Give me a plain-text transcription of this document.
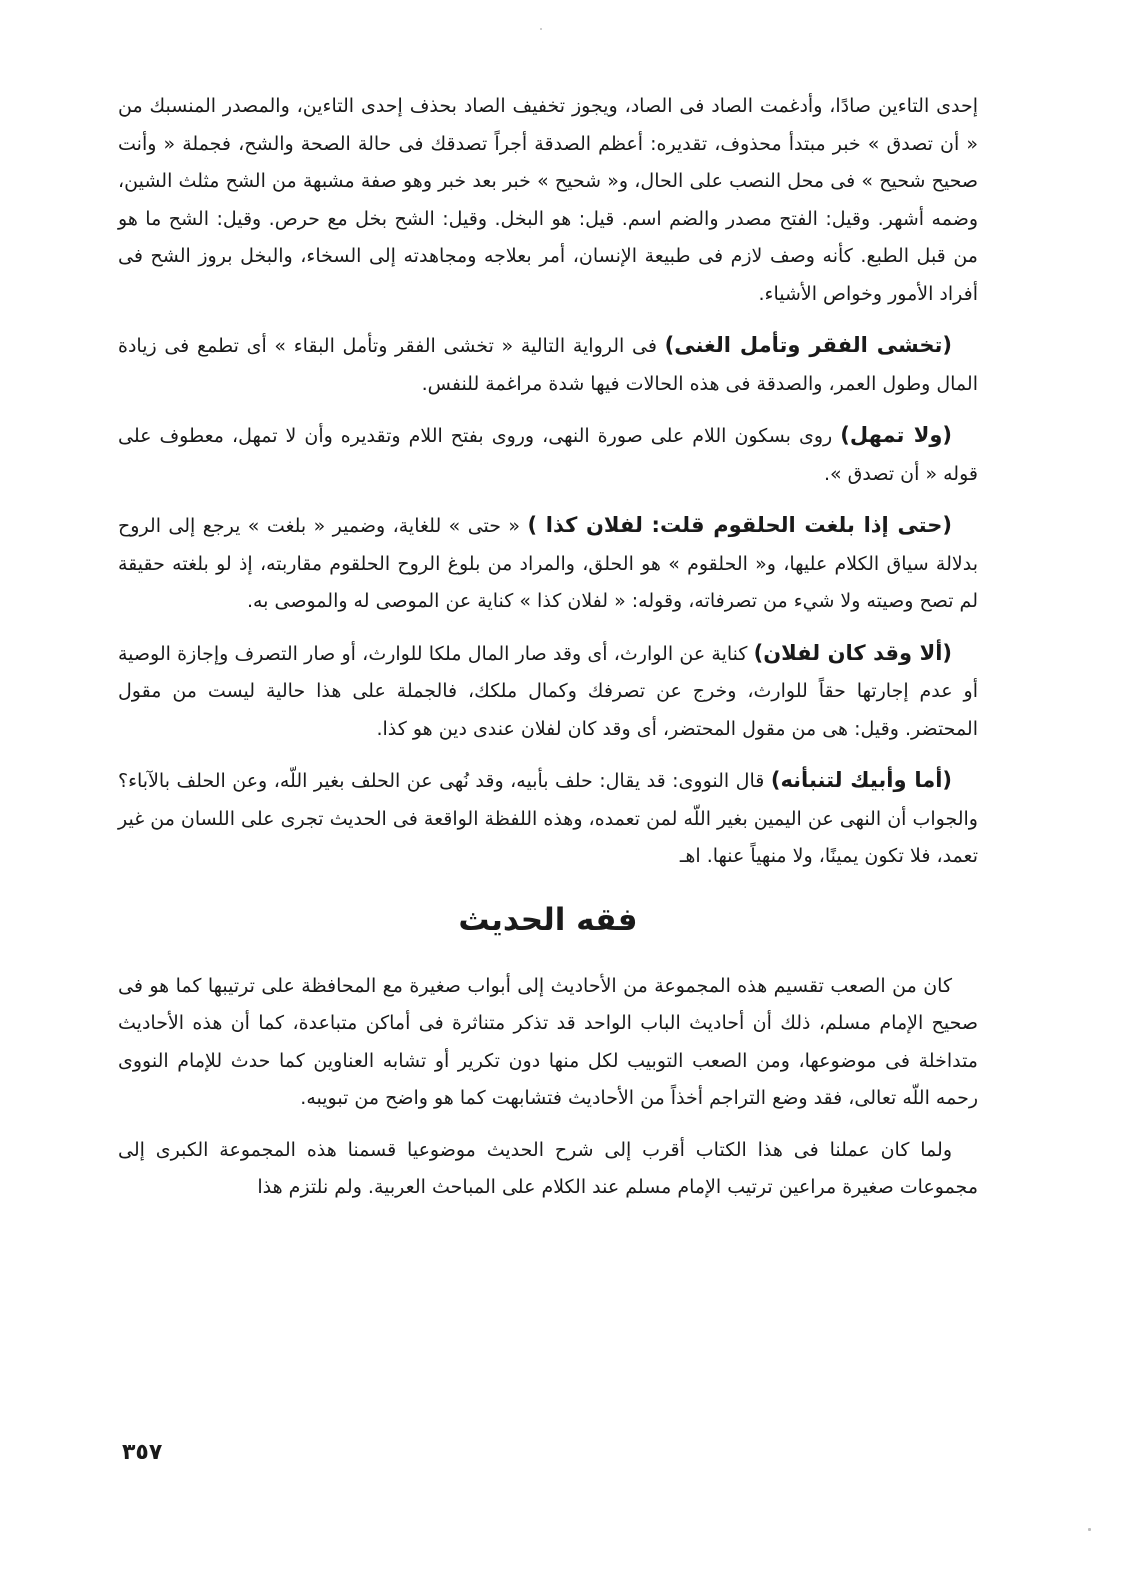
إحدى التاءين صادًا، وأدغمت الصاد فى الصاد، ويجوز تخفيف الصاد بحذف إحدى التاءين، والمصدر المنسبك من « أن تصدق » خبر مبتدأ محذوف، تقديره: أعظم الصدقة أجراً تصدقك فى حالة الصحة والشح، فجملة « وأنت صحيح شحيح » فى محل النصب على الحال، و« شحيح » خبر بعد خبر وهو صفة مشبهة من الشح مثلث الشين، وضمه أشهر. وقيل: الفتح مصدر والضم اسم. قيل: هو البخل. وقيل: الشح بخل مع حرص. وقيل: الشح ما هو من قبل الطبع. كأنه وصف لازم فى طبيعة الإنسان، أمر بعلاجه ومجاهدته إلى السخاء، والبخل بروز الشح فى أفراد الأمور وخواص الأشياء.

(تخشى الفقر وتأمل الغنى) فى الرواية التالية « تخشى الفقر وتأمل البقاء » أى تطمع فى زيادة المال وطول العمر، والصدقة فى هذه الحالات فيها شدة مراغمة للنفس.

(ولا تمهل) روى بسكون اللام على صورة النهى، وروى بفتح اللام وتقديره وأن لا تمهل، معطوف على قوله « أن تصدق ».

(حتى إذا بلغت الحلقوم قلت: لفلان كذا ) « حتى » للغاية، وضمير « بلغت » يرجع إلى الروح بدلالة سياق الكلام عليها، و« الحلقوم » هو الحلق، والمراد من بلوغ الروح الحلقوم مقاربته، إذ لو بلغته حقيقة لم تصح وصيته ولا شيء من تصرفاته، وقوله: « لفلان كذا » كناية عن الموصى له والموصى به.

(ألا وقد كان لفلان) كناية عن الوارث، أى وقد صار المال ملكا للوارث، أو صار التصرف وإجازة الوصية أو عدم إجارتها حقاً للوارث، وخرج عن تصرفك وكمال ملكك، فالجملة على هذا حالية ليست من مقول المحتضر. وقيل: هى من مقول المحتضر، أى وقد كان لفلان عندى دين هو كذا.

(أما وأبيك لتنبأنه) قال النووى: قد يقال: حلف بأبيه، وقد نُهى عن الحلف بغير اللّه، وعن الحلف بالآباء؟ والجواب أن النهى عن اليمين بغير اللّه لمن تعمده، وهذه اللفظة الواقعة فى الحديث تجرى على اللسان من غير تعمد، فلا تكون يمينًا، ولا منهياً عنها. اهـ

فقه الحديث

كان من الصعب تقسيم هذه المجموعة من الأحاديث إلى أبواب صغيرة مع المحافظة على ترتيبها كما هو فى صحيح الإمام مسلم، ذلك أن أحاديث الباب الواحد قد تذكر متناثرة فى أماكن متباعدة، كما أن هذه الأحاديث متداخلة فى موضوعها، ومن الصعب التوبيب لكل منها دون تكرير أو تشابه العناوين كما حدث للإمام النووى رحمه اللّه تعالى، فقد وضع التراجم أخذاً من الأحاديث فتشابهت كما هو واضح من تبويبه.

ولما كان عملنا فى هذا الكتاب أقرب إلى شرح الحديث موضوعيا قسمنا هذه المجموعة الكبرى إلى مجموعات صغيرة مراعين ترتيب الإمام مسلم عند الكلام على المباحث العربية. ولم نلتزم هذا

٣٥٧
